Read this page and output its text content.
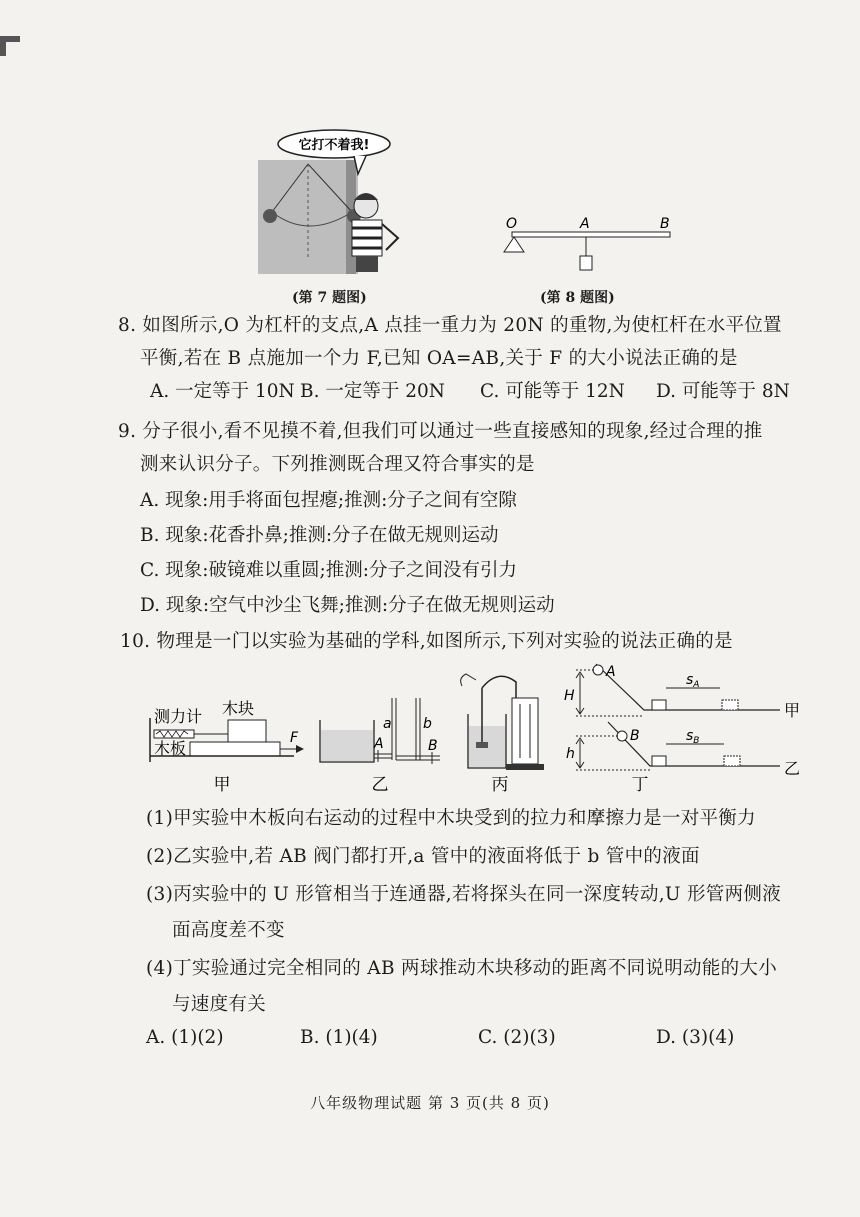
它打不着我!
(第 7 题图)
O	A	B
(第 8 题图)
8. 如图所示,O 为杠杆的支点,A 点挂一重力为 20N 的重物,为使杠杆在水平位置
平衡,若在 B 点施加一个力 F,已知 OA=AB,关于 F 的大小说法正确的是
A. 一定等于 10N B. 一定等于 20N C. 可能等于 12N D. 可能等于 8N
9. 分子很小,看不见摸不着,但我们可以通过一些直接感知的现象,经过合理的推
测来认识分子。下列推测既合理又符合事实的是
A. 现象:用手将面包捏瘪;推测:分子之间有空隙
B. 现象:花香扑鼻;推测:分子在做无规则运动
C. 现象:破镜难以重圆;推测:分子之间没有引力
D. 现象:空气中沙尘飞舞;推测:分子在做无规则运动
10. 物理是一门以实验为基础的学科,如图所示,下列对实验的说法正确的是
测力计 木块
木板
F
甲
a b
A	B
乙	丙
A
H
$s_A$
甲
B
h
$s_B$
乙
丁
(1)甲实验中木板向右运动的过程中木块受到的拉力和摩擦力是一对平衡力
(2)乙实验中,若 AB 阀门都打开,a 管中的液面将低于 b 管中的液面
(3)丙实验中的 U 形管相当于连通器,若将探头在同一深度转动,U 形管两侧液
面高度差不变
(4)丁实验通过完全相同的 AB 两球推动木块移动的距离不同说明动能的大小
与速度有关
A. (1)(2)	B. (1)(4)	C. (2)(3)	D. (3)(4)
八年级物理试题 第 3 页(共 8 页)
